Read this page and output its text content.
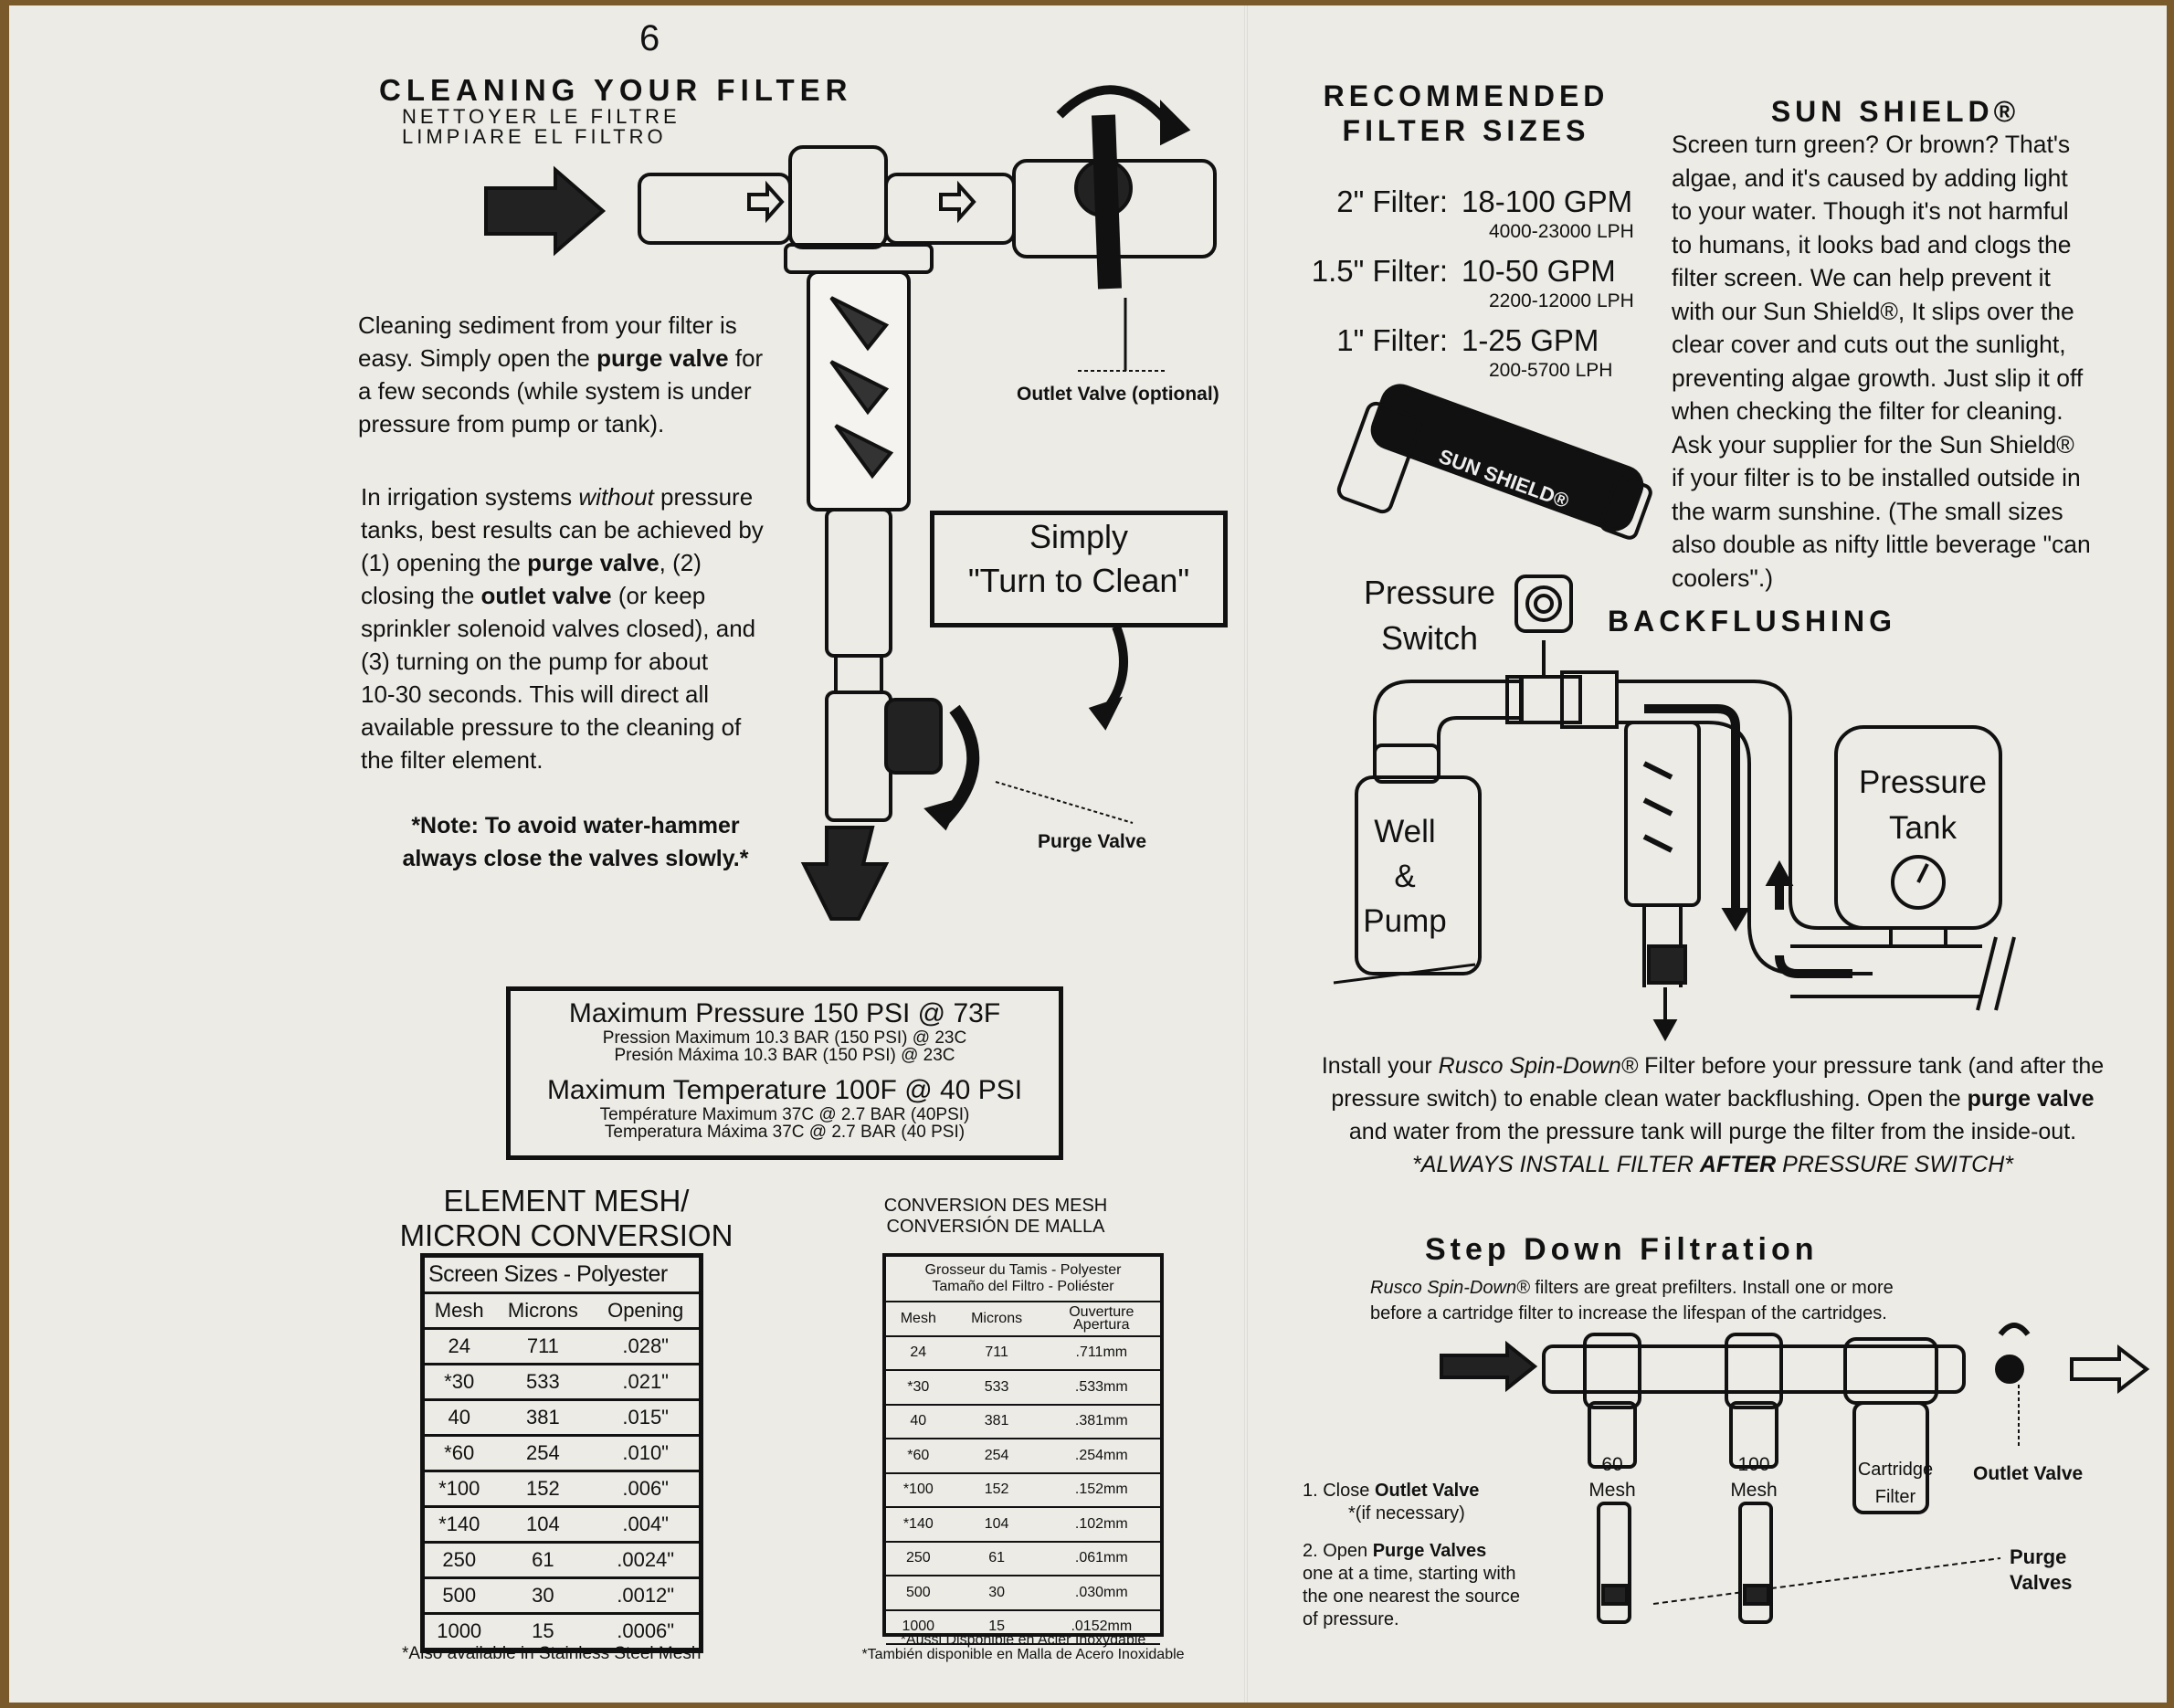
6
CLEANING YOUR FILTER
NETTOYER LE FILTRE
LIMPIARE EL FILTRO
Cleaning sediment from your filter is
easy. Simply open the purge valve for
a few seconds (while system is under
pressure from pump or tank).
In irrigation systems without pressure
tanks, best results can be achieved by
(1) opening the purge valve, (2)
closing the outlet valve (or keep
sprinkler solenoid valves closed), and
(3) turning on the pump for about
10-30 seconds. This will direct all
available pressure to the cleaning of
the filter element.
*Note: To avoid water-hammer
always close the valves slowly.*
Outlet Valve (optional)
Purge Valve
Simply
"Turn to Clean"
Maximum Pressure 150 PSI @ 73F
Pression Maximum 10.3 BAR (150 PSI) @ 23C
Presión Máxima 10.3 BAR (150 PSI) @ 23C
Maximum Temperature 100F @ 40 PSI
Température Maximum 37C @ 2.7 BAR (40PSI)
Temperatura Máxima 37C @ 2.7 BAR (40 PSI)
ELEMENT MESH/
MICRON CONVERSION
Screen Sizes - Polyester
Mesh	Microns	Opening
24	711	.028"
*30	533	.021"
40	381	.015"
*60	254	.010"
*100	152	.006"
*140	104	.004"
250	61	.0024"
500	30	.0012"
1000	15	.0006"
*Also available in Stainless Steel Mesh
CONVERSION DES MESH
CONVERSIÓN DE MALLA
Grosseur du Tamis - Polyester
Tamaño del Filtro - Poliéster
Mesh	Microns	Ouverture
Apertura
24	711	.711mm
*30	533	.533mm
40	381	.381mm
*60	254	.254mm
*100	152	.152mm
*140	104	.102mm
250	61	.061mm
500	30	.030mm
1000	15	.0152mm
*Aussi Disponible en Acier Inoxydable
*También disponible en Malla de Acero Inoxidable
RECOMMENDED
FILTER SIZES
2" Filter: 18-100 GPM
4000-23000 LPH
1.5" Filter: 10-50 GPM
2200-12000 LPH
1" Filter: 1-25 GPM
200-5700 LPH
SUN SHIELD®
Screen turn green? Or brown? That's
algae, and it's caused by adding light
to your water. Though it's not harmful
to humans, it looks bad and clogs the
filter screen. We can help prevent it
with our Sun Shield®, It slips over the
clear cover and cuts out the sunlight,
preventing algae growth. Just slip it off
when checking the filter for cleaning.
Ask your supplier for the Sun Shield®
if your filter is to be installed outside in
the warm sunshine. (The small sizes
also double as nifty little beverage "can
coolers".)
BACKFLUSHING
Pressure
Switch
Well
&
Pump
Pressure
Tank
Install your Rusco Spin-Down® Filter before your pressure tank (and after the
pressure switch) to enable clean water backflushing. Open the purge valve
and water from the pressure tank will purge the filter from the inside-out.
*ALWAYS INSTALL FILTER AFTER PRESSURE SWITCH*
Step Down Filtration
Rusco Spin-Down® filters are great prefilters. Install one or more
before a cartridge filter to increase the lifespan of the cartridges.
60
Mesh
100
Mesh
Cartridge
Filter
Outlet Valve
Purge
Valves
1. Close Outlet Valve
*(if necessary)

2. Open Purge Valves
one at a time, starting with
the one nearest the source
of pressure.
SUN SHIELD®
